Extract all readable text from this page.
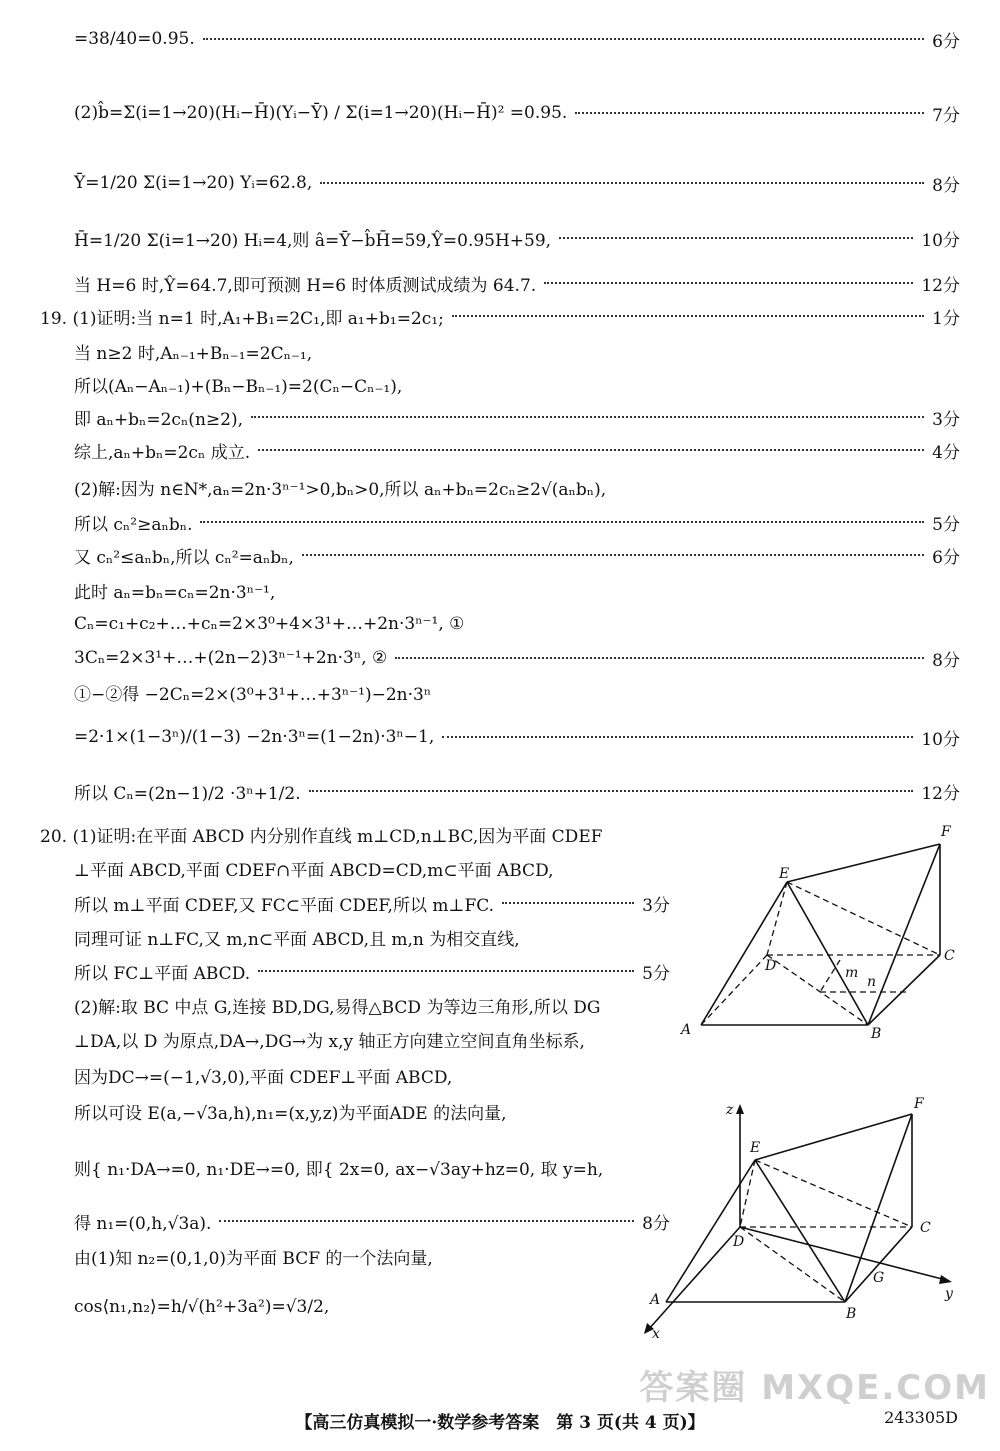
=38/40=0.95.	6分
(2)b̂=Σ(i=1→20)(Hᵢ−H̄)(Yᵢ−Ȳ) / Σ(i=1→20)(Hᵢ−H̄)² =0.95.	7分
Ȳ=1/20 Σ(i=1→20) Yᵢ=62.8,	8分
H̄=1/20 Σ(i=1→20) Hᵢ=4,则 â=Ȳ−b̂H̄=59,Ŷ=0.95H+59,	10分
当 H=6 时,Ŷ=64.7,即可预测 H=6 时体质测试成绩为 64.7.	12分
19. (1)证明:当 n=1 时,A₁+B₁=2C₁,即 a₁+b₁=2c₁;	1分
当 n≥2 时,Aₙ₋₁+Bₙ₋₁=2Cₙ₋₁,
所以(Aₙ−Aₙ₋₁)+(Bₙ−Bₙ₋₁)=2(Cₙ−Cₙ₋₁),
即 aₙ+bₙ=2cₙ(n≥2),	3分
综上,aₙ+bₙ=2cₙ 成立.	4分
(2)解:因为 n∈N*,aₙ=2n·3ⁿ⁻¹>0,bₙ>0,所以 aₙ+bₙ=2cₙ≥2√(aₙbₙ),
所以 cₙ²≥aₙbₙ.	5分
又 cₙ²≤aₙbₙ,所以 cₙ²=aₙbₙ,	6分
此时 aₙ=bₙ=cₙ=2n·3ⁿ⁻¹,
Cₙ=c₁+c₂+…+cₙ=2×3⁰+4×3¹+…+2n·3ⁿ⁻¹, ①
3Cₙ=2×3¹+…+(2n−2)3ⁿ⁻¹+2n·3ⁿ, ②	8分
①−②得 −2Cₙ=2×(3⁰+3¹+…+3ⁿ⁻¹)−2n·3ⁿ
=2·1×(1−3ⁿ)/(1−3) −2n·3ⁿ=(1−2n)·3ⁿ−1,	10分
所以 Cₙ=(2n−1)/2 ·3ⁿ+1/2.	12分
20. (1)证明:在平面 ABCD 内分别作直线 m⊥CD,n⊥BC,因为平面 CDEF
⊥平面 ABCD,平面 CDEF∩平面 ABCD=CD,m⊂平面 ABCD,
所以 m⊥平面 CDEF,又 FC⊂平面 CDEF,所以 m⊥FC.	3分
同理可证 n⊥FC,又 m,n⊂平面 ABCD,且 m,n 为相交直线,
所以 FC⊥平面 ABCD.	5分
(2)解:取 BC 中点 G,连接 BD,DG,易得△BCD 为等边三角形,所以 DG
⊥DA,以 D 为原点,DA→,DG→为 x,y 轴正方向建立空间直角坐标系,
因为DC→=(−1,√3,0),平面 CDEF⊥平面 ABCD,
所以可设 E(a,−√3a,h),n₁=(x,y,z)为平面ADE 的法向量,
则{ n₁·DA→=0, n₁·DE→=0, 即{ 2x=0, ax−√3ay+hz=0, 取 y=h,
得 n₁=(0,h,√3a).	8分
由(1)知 n₂=(0,1,0)为平面 BCF 的一个法向量,
cos⟨n₁,n₂⟩=h/√(h²+3a²)=√3/2,
E
F
D
C
A	B
m
n
z
E
F
D
C
A
B
G
x
y
答案圈 MXQE.COM
【高三仿真模拟一·数学参考答案　第 3 页(共 4 页)】	243305D
